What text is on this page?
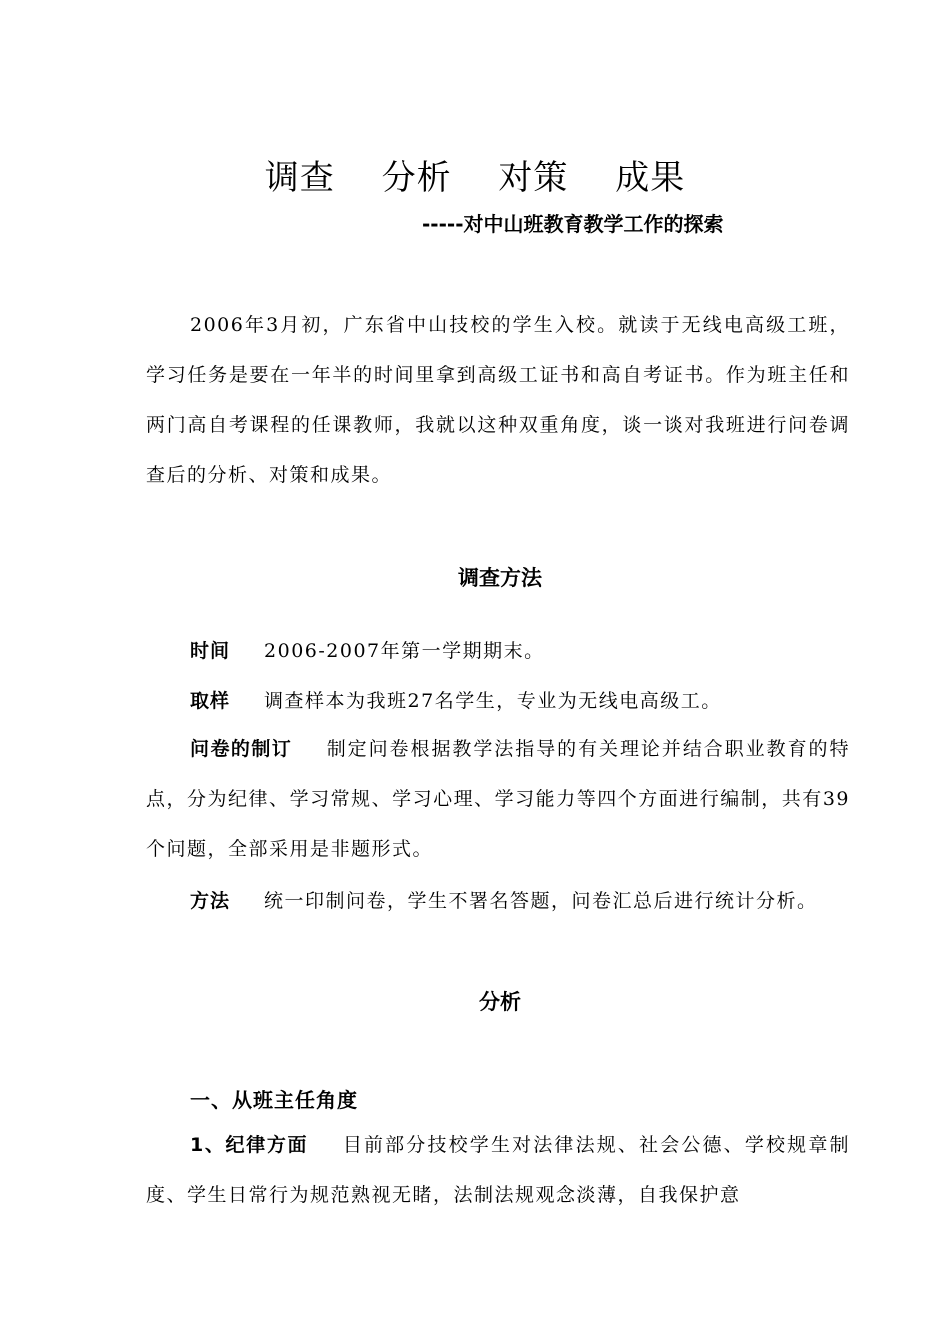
调查　 分析　 对策　 成果
-----对中山班教育教学工作的探索
2006年3月初，广东省中山技校的学生入校。就读于无线电高级工班，学习任务是要在一年半的时间里拿到高级工证书和高自考证书。作为班主任和两门高自考课程的任课教师，我就以这种双重角度，谈一谈对我班进行问卷调查后的分析、对策和成果。
调查方法
时间 2006-2007年第一学期期末。
取样 调查样本为我班27名学生，专业为无线电高级工。
问卷的制订 制定问卷根据教学法指导的有关理论并结合职业教育的特点，分为纪律、学习常规、学习心理、学习能力等四个方面进行编制，共有39个问题，全部采用是非题形式。
方法 统一印制问卷，学生不署名答题，问卷汇总后进行统计分析。
分析
一、从班主任角度
1、纪律方面 目前部分技校学生对法律法规、社会公德、学校规章制度、学生日常行为规范熟视无睹，法制法规观念淡薄，自我保护意
